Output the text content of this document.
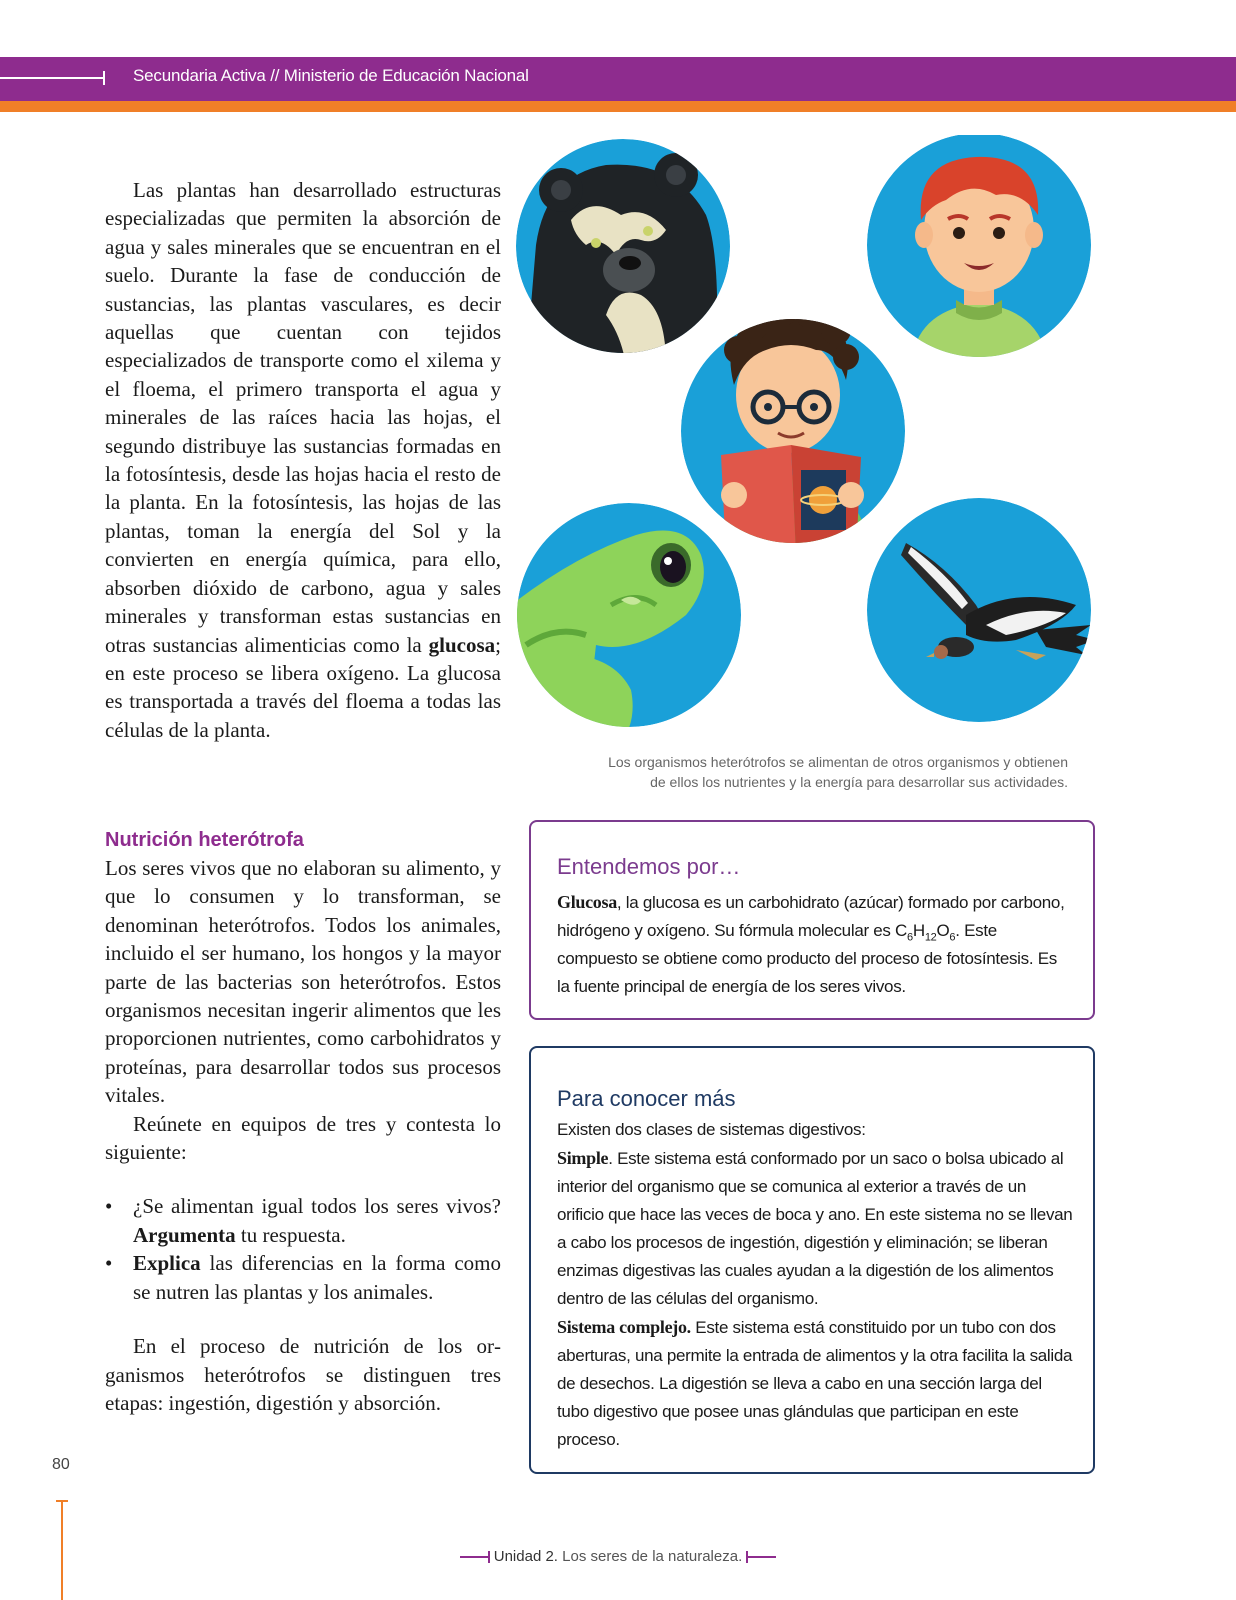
Secundaria Activa // Ministerio de Educación Nacional

Las plantas han desarrollado estructuras especializadas que permiten la absorción de agua y sales minerales que se encuentran en el suelo. Durante la fase de conducción de sustancias, las plantas vasculares, es decir aquellas que cuentan con tejidos especializados de transporte como el xilema y el floema, el primero transporta el agua y minerales de las raíces hacia las hojas, el segundo distribuye las sustancias formadas en la fotosíntesis, desde las hojas hacia el resto de la planta. En la fotosíntesis, las hojas de las plantas, toman la energía del Sol y la convierten en energía química, para ello, absorben dióxido de carbono, agua y sales minerales y transforman estas sustancias en otras sustancias alimenticias como la glucosa; en este proceso se libera oxígeno. La glucosa es transportada a través del floema a todas las células de la planta.

Nutrición heterótrofa

Los seres vivos que no elaboran su alimento, y que lo consumen y lo transforman, se denominan heterótrofos. Todos los animales, incluido el ser humano, los hongos y la mayor parte de las bacterias son heterótrofos. Estos organismos necesitan ingerir alimentos que les proporcionen nutrientes, como carbohidratos y proteínas, para desarrollar todos sus procesos vitales.

Reúnete en equipos de tres y contesta lo siguiente:

• ¿Se alimentan igual todos los seres vivos? Argumenta tu respuesta.
• Explica las diferencias en la forma como se nutren las plantas y los animales.

En el proceso de nutrición de los organismos heterótrofos se distinguen tres etapas: ingestión, digestión y absorción.

80
Los organismos heterótrofos se alimentan de otros organismos y obtienen
de ellos los nutrientes y la energía para desarrollar sus actividades.
Entendemos por…

Glucosa, la glucosa es un carbohidrato (azúcar) formado por carbono, hidrógeno y oxígeno. Su fórmula molecular es $C_6H_{12}O_6$. Este compuesto se obtiene como producto del proceso de fotosíntesis. Es la fuente principal de energía de los seres vivos.

Para conocer más

Existen dos clases de sistemas digestivos:

Simple. Este sistema está conformado por un saco o bolsa ubicado al interior del organismo que se comunica al exterior a través de un orificio que hace las veces de boca y ano. En este sistema no se llevan a cabo los procesos de ingestión, digestión y eliminación; se liberan enzimas digestivas las cuales ayudan a la digestión de los alimentos dentro de las células del organismo.

Sistema complejo. Este sistema está constituido por un tubo con dos aberturas, una permite la entrada de alimentos y la otra facilita la salida de desechos. La digestión se lleva a cabo en una sección larga del tubo digestivo que posee unas glándulas que participan en este proceso.

Unidad 2. Los seres de la naturaleza.
